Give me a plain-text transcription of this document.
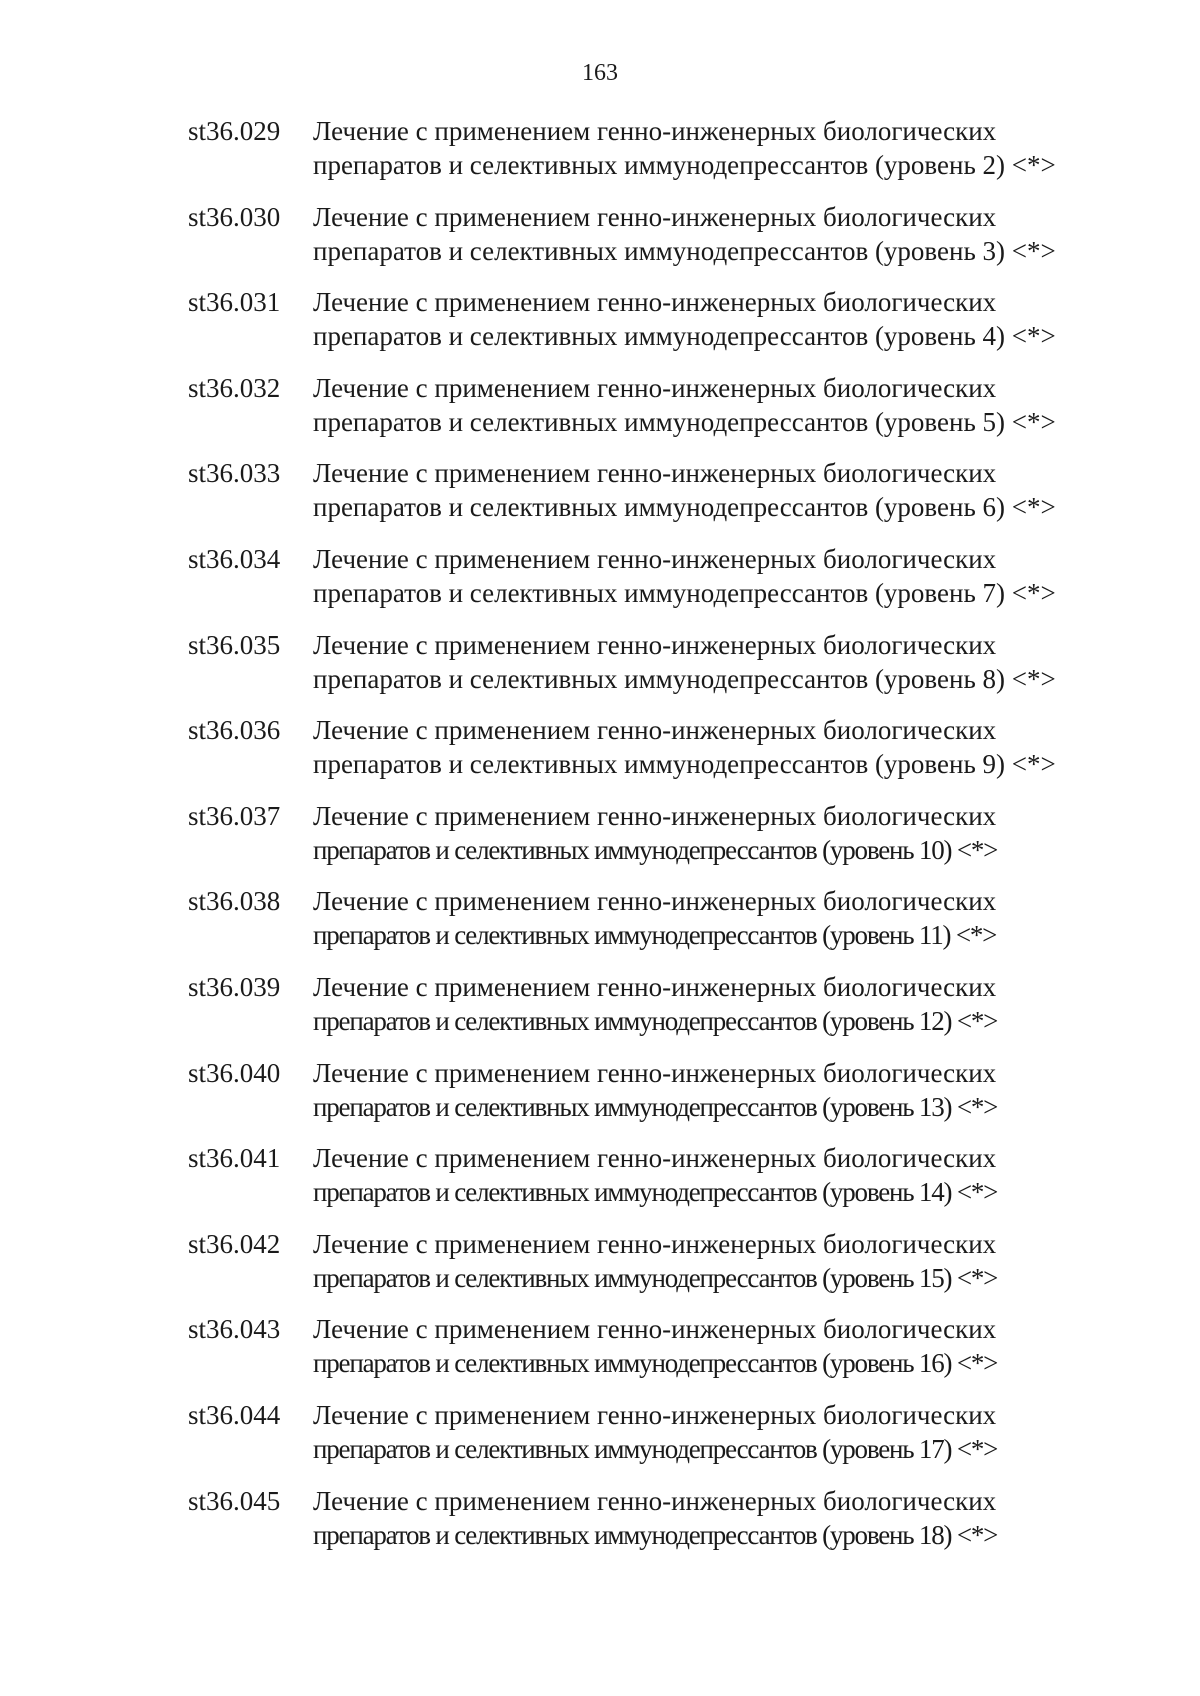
163
st36.029 Лечение с применением генно-инженерных биологических
препаратов и селективных иммунодепрессантов (уровень 2) <*>
st36.030 Лечение с применением генно-инженерных биологических
препаратов и селективных иммунодепрессантов (уровень 3) <*>
st36.031 Лечение с применением генно-инженерных биологических
препаратов и селективных иммунодепрессантов (уровень 4) <*>
st36.032 Лечение с применением генно-инженерных биологических
препаратов и селективных иммунодепрессантов (уровень 5) <*>
st36.033 Лечение с применением генно-инженерных биологических
препаратов и селективных иммунодепрессантов (уровень 6) <*>
st36.034 Лечение с применением генно-инженерных биологических
препаратов и селективных иммунодепрессантов (уровень 7) <*>
st36.035 Лечение с применением генно-инженерных биологических
препаратов и селективных иммунодепрессантов (уровень 8) <*>
st36.036 Лечение с применением генно-инженерных биологических
препаратов и селективных иммунодепрессантов (уровень 9) <*>
st36.037 Лечение с применением генно-инженерных биологических
препаратов и селективных иммунодепрессантов (уровень 10) <*>
st36.038 Лечение с применением генно-инженерных биологических
препаратов и селективных иммунодепрессантов (уровень 11) <*>
st36.039 Лечение с применением генно-инженерных биологических
препаратов и селективных иммунодепрессантов (уровень 12) <*>
st36.040 Лечение с применением генно-инженерных биологических
препаратов и селективных иммунодепрессантов (уровень 13) <*>
st36.041 Лечение с применением генно-инженерных биологических
препаратов и селективных иммунодепрессантов (уровень 14) <*>
st36.042 Лечение с применением генно-инженерных биологических
препаратов и селективных иммунодепрессантов (уровень 15) <*>
st36.043 Лечение с применением генно-инженерных биологических
препаратов и селективных иммунодепрессантов (уровень 16) <*>
st36.044 Лечение с применением генно-инженерных биологических
препаратов и селективных иммунодепрессантов (уровень 17) <*>
st36.045 Лечение с применением генно-инженерных биологических
препаратов и селективных иммунодепрессантов (уровень 18) <*>
